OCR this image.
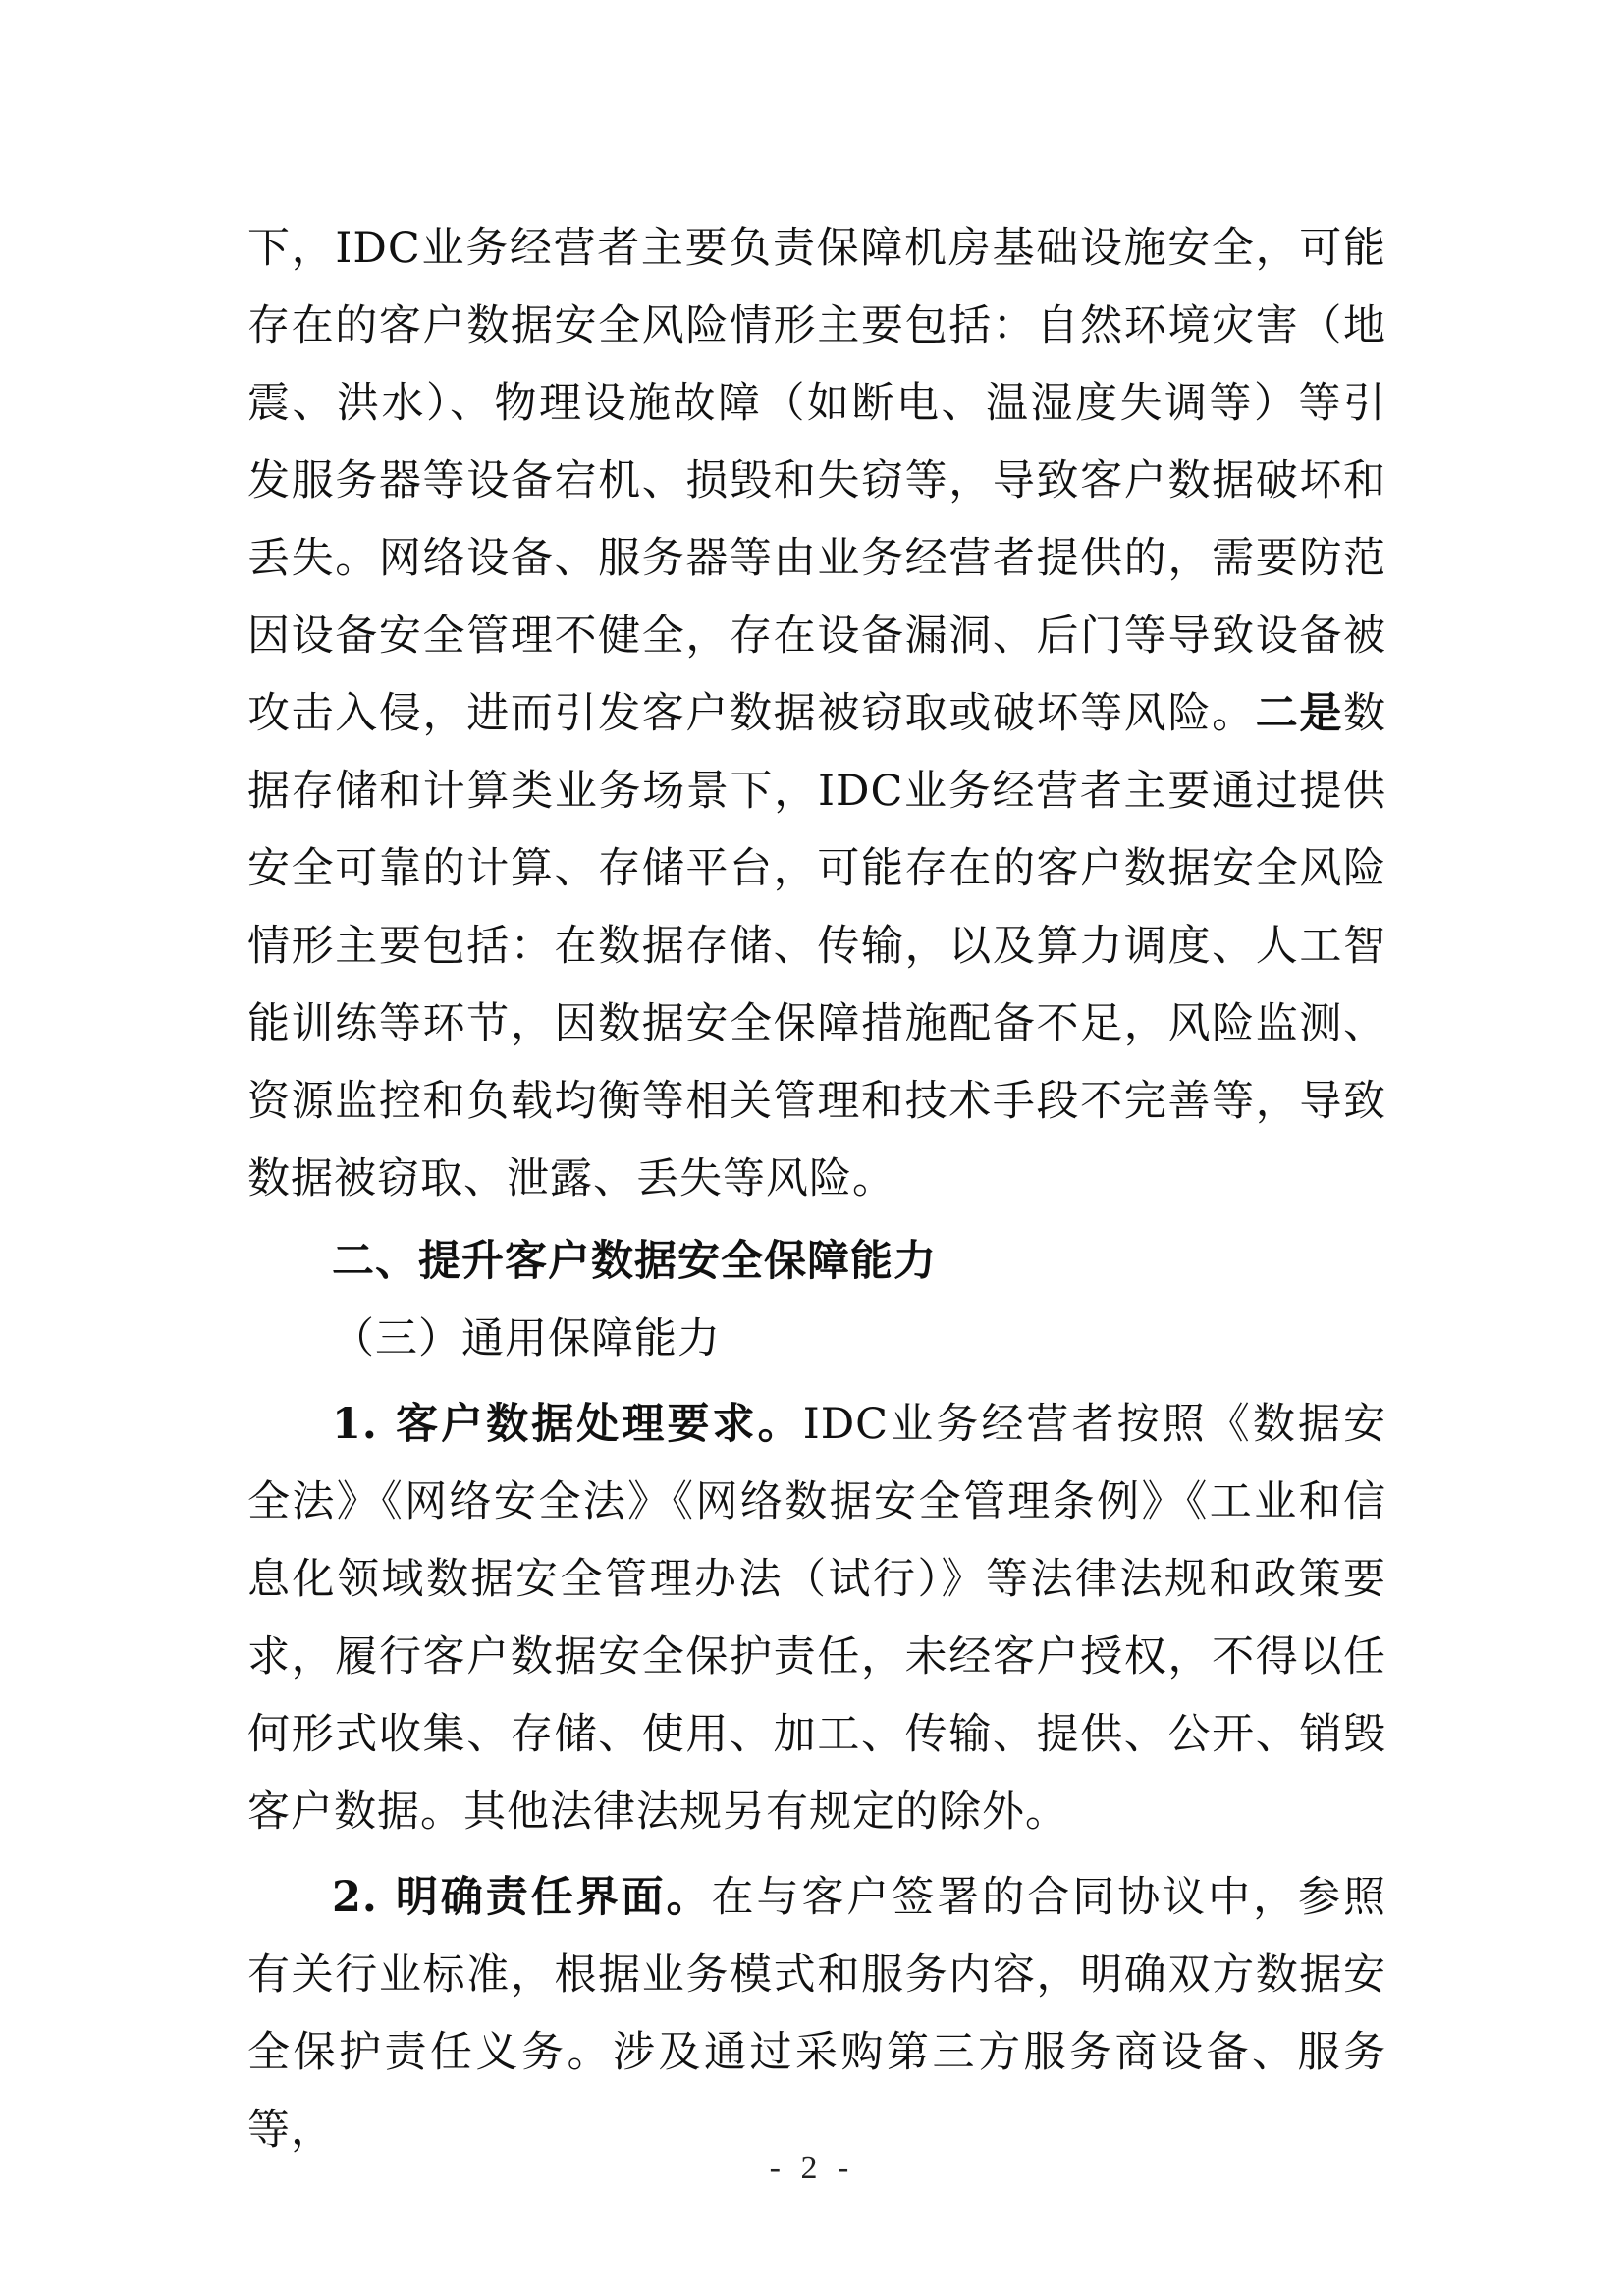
下，IDC业务经营者主要负责保障机房基础设施安全，可能存在的客户数据安全风险情形主要包括：自然环境灾害（地震、洪水）、物理设施故障（如断电、温湿度失调等）等引发服务器等设备宕机、损毁和失窃等，导致客户数据破坏和丢失。网络设备、服务器等由业务经营者提供的，需要防范因设备安全管理不健全，存在设备漏洞、后门等导致设备被攻击入侵，进而引发客户数据被窃取或破坏等风险。二是数据存储和计算类业务场景下，IDC业务经营者主要通过提供安全可靠的计算、存储平台，可能存在的客户数据安全风险情形主要包括：在数据存储、传输，以及算力调度、人工智能训练等环节，因数据安全保障措施配备不足，风险监测、资源监控和负载均衡等相关管理和技术手段不完善等，导致数据被窃取、泄露、丢失等风险。

二、提升客户数据安全保障能力

（三）通用保障能力

1. 客户数据处理要求。IDC业务经营者按照《数据安全法》《网络安全法》《网络数据安全管理条例》《工业和信息化领域数据安全管理办法（试行）》等法律法规和政策要求，履行客户数据安全保护责任，未经客户授权，不得以任何形式收集、存储、使用、加工、传输、提供、公开、销毁客户数据。其他法律法规另有规定的除外。

2. 明确责任界面。在与客户签署的合同协议中，参照有关行业标准，根据业务模式和服务内容，明确双方数据安全保护责任义务。涉及通过采购第三方服务商设备、服务等，

- 2 -
